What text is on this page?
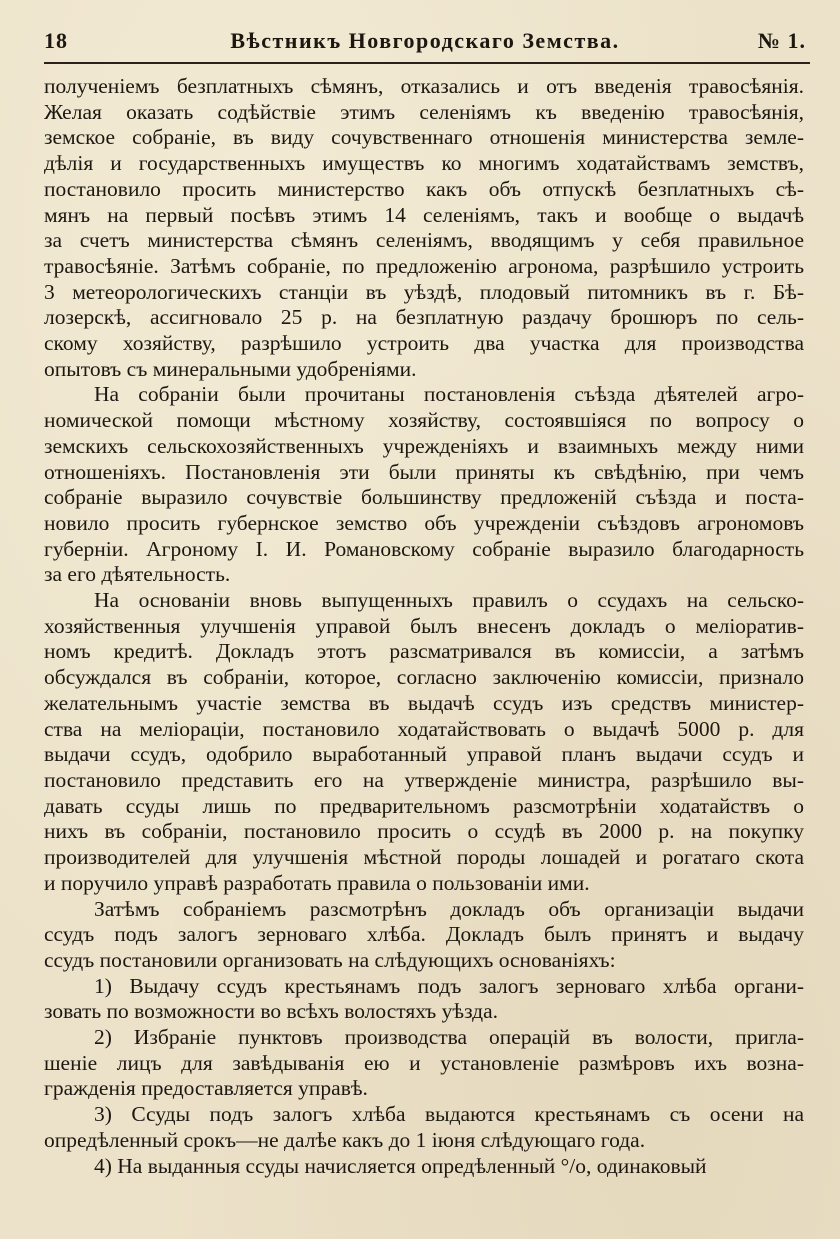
18	Вѣстникъ Новгородскаго Земства.	№ 1.

полученіемъ безплатныхъ сѣмянъ, отказались и отъ введенія травосѣянія.
Желая оказать содѣйствіе этимъ селеніямъ къ введенію травосѣянія,
земское собраніе, въ виду сочувственнаго отношенія министерства земле-
дѣлія и государственныхъ имуществъ ко многимъ ходатайствамъ земствъ,
постановило просить министерство какъ объ отпускѣ безплатныхъ сѣ-
мянъ на первый посѣвъ этимъ 14 селеніямъ, такъ и вообще о выдачѣ
за счетъ министерства сѣмянъ селеніямъ, вводящимъ у себя правильное
травосѣяніе. Затѣмъ собраніе, по предложенію агронома, разрѣшило устроить
3 метеорологическихъ станціи въ уѣздѣ, плодовый питомникъ въ г. Бѣ-
лозерскѣ, ассигновало 25 р. на безплатную раздачу брошюръ по сель-
скому хозяйству, разрѣшило устроить два участка для производства
опытовъ съ минеральными удобреніями.

На собраніи были прочитаны постановленія съѣзда дѣятелей агро-
номической помощи мѣстному хозяйству, состоявшіяся по вопросу о
земскихъ сельскохозяйственныхъ учрежденіяхъ и взаимныхъ между ними
отношеніяхъ. Постановленія эти были приняты къ свѣдѣнію, при чемъ
собраніе выразило сочувствіе большинству предложеній съѣзда и поста-
новило просить губернское земство объ учрежденіи съѣздовъ агрономовъ
губерніи. Агроному І. И. Романовскому собраніе выразило благодарность
за его дѣятельность.

На основаніи вновь выпущенныхъ правилъ о ссудахъ на сельско-
хозяйственныя улучшенія управой былъ внесенъ докладъ о мелioратив-
номъ кредитѣ. Докладъ этотъ разсматривался въ комиссіи, а затѣмъ
обсуждался въ собраніи, которое, согласно заключенію комиссіи, признало
желательнымъ участіе земства въ выдачѣ ссудъ изъ средствъ министер-
ства на меліораціи, постановило ходатайствовать о выдачѣ 5000 р. для
выдачи ссудъ, одобрило выработанный управой планъ выдачи ссудъ и
постановило представить его на утвержденіе министра, разрѣшило вы-
давать ссуды лишь по предварительномъ разсмотрѣніи ходатайствъ о
нихъ въ собраніи, постановило просить о ссудѣ въ 2000 р. на покупку
производителей для улучшенія мѣстной породы лошадей и рогатаго скота
и поручило управѣ разработать правила о пользованіи ими.

Затѣмъ собраніемъ разсмотрѣнъ докладъ объ организаціи выдачи
ссудъ подъ залогъ зерноваго хлѣба. Докладъ былъ принятъ и выдачу
ссудъ постановили организовать на слѣдующихъ основаніяхъ:

1) Выдачу ссудъ крестьянамъ подъ залогъ зерноваго хлѣба органи-
зовать по возможности во всѣхъ волостяхъ уѣзда.

2) Избраніе пунктовъ производства операцій въ волости, пригла-
шеніе лицъ для завѣдыванія ею и установленіе размѣровъ ихъ возна-
гражденія предоставляется управѣ.

3) Ссуды подъ залогъ хлѣба выдаются крестьянамъ съ осени на
опредѣленный срокъ—не далѣе какъ до 1 іюня слѣдующаго года.

4) На выданныя ссуды начисляется опредѣленный °/о, одинаковый
